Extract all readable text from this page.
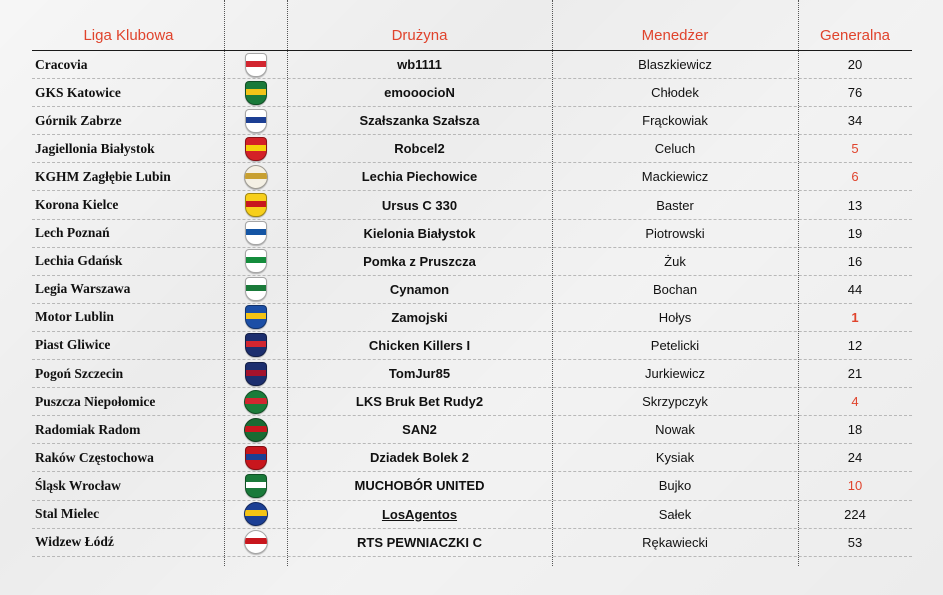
Liga Klubowa	Drużyna	Menedżer	Generalna
Cracovia	wb1111	Blaszkiewicz	20
GKS Katowice	emooocioN	Chłodek	76
Górnik Zabrze	Szałszanka Szałsza	Frąckowiak	34
Jagiellonia Białystok	Robcel2	Celuch	5
KGHM Zagłębie Lubin	Lechia Piechowice	Mackiewicz	6
Korona Kielce	Ursus C 330	Baster	13
Lech Poznań	Kielonia Białystok	Piotrowski	19
Lechia Gdańsk	Pomka z Pruszcza	Żuk	16
Legia Warszawa	Cynamon	Bochan	44
Motor Lublin	Zamojski	Hołys	1
Piast Gliwice	Chicken Killers I	Petelicki	12
Pogoń Szczecin	TomJur85	Jurkiewicz	21
Puszcza Niepołomice	LKS Bruk Bet Rudy2	Skrzypczyk	4
Radomiak Radom	SAN2	Nowak	18
Raków Częstochowa	Dziadek Bolek 2	Kysiak	24
Śląsk Wrocław	MUCHOBÓR UNITED	Bujko	10
Stal Mielec	LosAgentos	Sałek	224
Widzew Łódź	RTS PEWNIACZKI C	Rękawiecki	53
